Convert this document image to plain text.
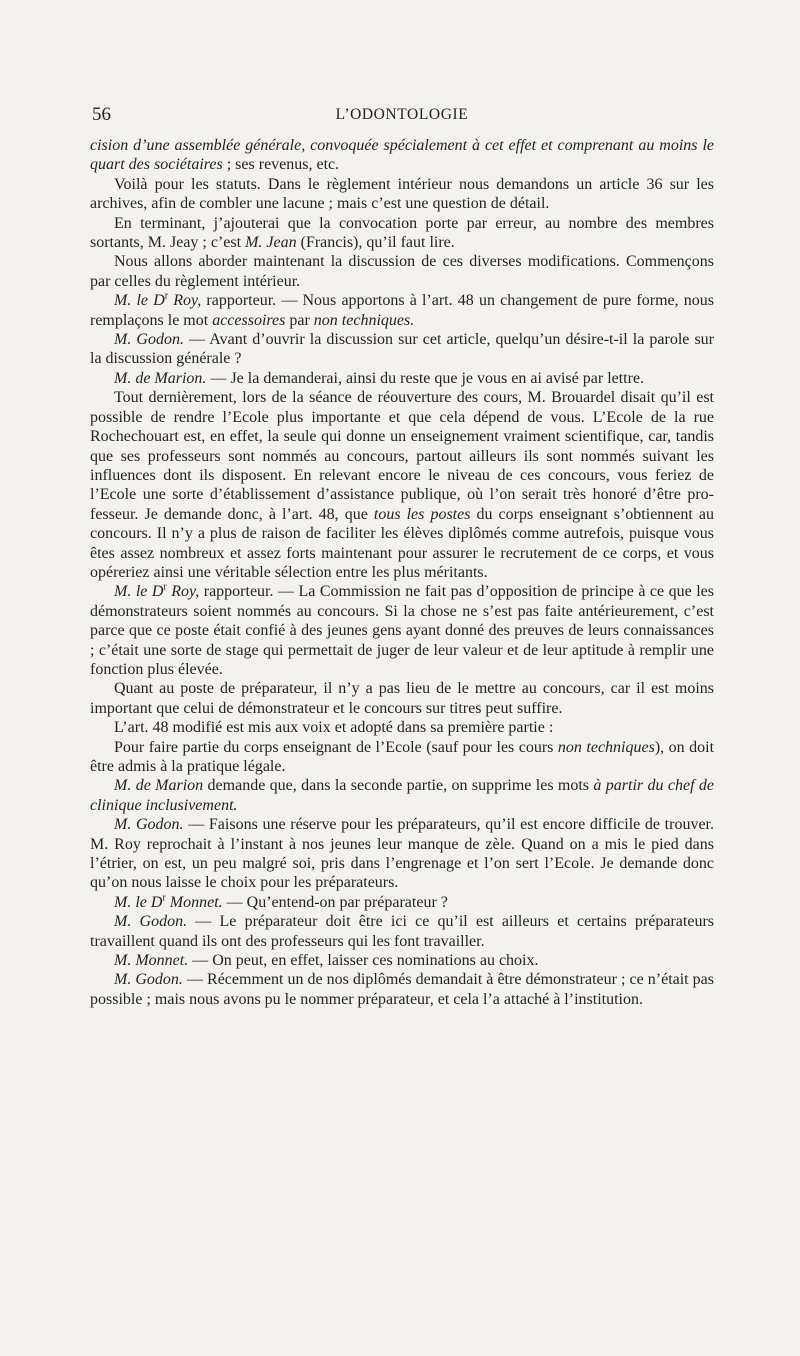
56	L’ODONTOLOGIE

cision d’une assemblée générale, convoquée spécialement à cet effet et comprenant au moins le quart des sociétaires ; ses revenus, etc.

Voilà pour les statuts. Dans le règlement intérieur nous demandons un article 36 sur les archives, afin de combler une lacune ; mais c’est une question de détail.

En terminant, j’ajouterai que la convocation porte par erreur, au nombre des membres sortants, M. Jeay ; c’est M. Jean (Francis), qu’il faut lire.

Nous allons aborder maintenant la discussion de ces diverses modifications. Commençons par celles du règlement intérieur.

M. le $D^r$ Roy, rapporteur. — Nous apportons à l’art. 48 un changement de pure forme, nous remplaçons le mot accessoires par non techniques.

M. Godon. — Avant d’ouvrir la discussion sur cet article, quelqu’un désire-t-il la parole sur la discussion générale ?

M. de Marion. — Je la demanderai, ainsi du reste que je vous en ai avisé par lettre.

Tout dernièrement, lors de la séance de réouverture des cours, M. Brouardel disait qu’il est possible de rendre l’Ecole plus importante et que cela dépend de vous. L’Ecole de la rue Rochechouart est, en effet, la seule qui donne un enseignement vraiment scientifique, car, tandis que ses professeurs sont nommés au concours, partout ailleurs ils sont nommés suivant les influences dont ils disposent. En relevant encore le niveau de ces concours, vous feriez de l’Ecole une sorte d’établissement d’assistance publique, où l’on serait très honoré d’être professeur. Je demande donc, à l’art. 48, que tous les postes du corps enseignant s’obtiennent au concours. Il n’y a plus de raison de faciliter les élèves diplômés comme autrefois, puisque vous êtes assez nombreux et assez forts maintenant pour assurer le recrutement de ce corps, et vous opéreriez ainsi une véritable sélection entre les plus méritants.

M. le $D^r$ Roy, rapporteur. — La Commission ne fait pas d’opposition de principe à ce que les démonstrateurs soient nommés au concours. Si la chose ne s’est pas faite antérieurement, c’est parce que ce poste était confié à des jeunes gens ayant donné des preuves de leurs connaissances ; c’était une sorte de stage qui permettait de juger de leur valeur et de leur aptitude à remplir une fonction plus élevée.

Quant au poste de préparateur, il n’y a pas lieu de le mettre au concours, car il est moins important que celui de démonstrateur et le concours sur titres peut suffire.

L’art. 48 modifié est mis aux voix et adopté dans sa première partie :

Pour faire partie du corps enseignant de l’Ecole (sauf pour les cours non techniques), on doit être admis à la pratique légale.

M. de Marion demande que, dans la seconde partie, on supprime les mots à partir du chef de clinique inclusivement.

M. Godon. — Faisons une réserve pour les préparateurs, qu’il est encore difficile de trouver. M. Roy reprochait à l’instant à nos jeunes leur manque de zèle. Quand on a mis le pied dans l’étrier, on est, un peu malgré soi, pris dans l’engrenage et l’on sert l’Ecole. Je demande donc qu’on nous laisse le choix pour les préparateurs.

M. le $D^r$ Monnet. — Qu’entend-on par préparateur ?

M. Godon. — Le préparateur doit être ici ce qu’il est ailleurs et certains préparateurs travaillent quand ils ont des professeurs qui les font travailler.

M. Monnet. — On peut, en effet, laisser ces nominations au choix.

M. Godon. — Récemment un de nos diplômés demandait à être démonstrateur ; ce n’était pas possible ; mais nous avons pu le nommer préparateur, et cela l’a attaché à l’institution.
